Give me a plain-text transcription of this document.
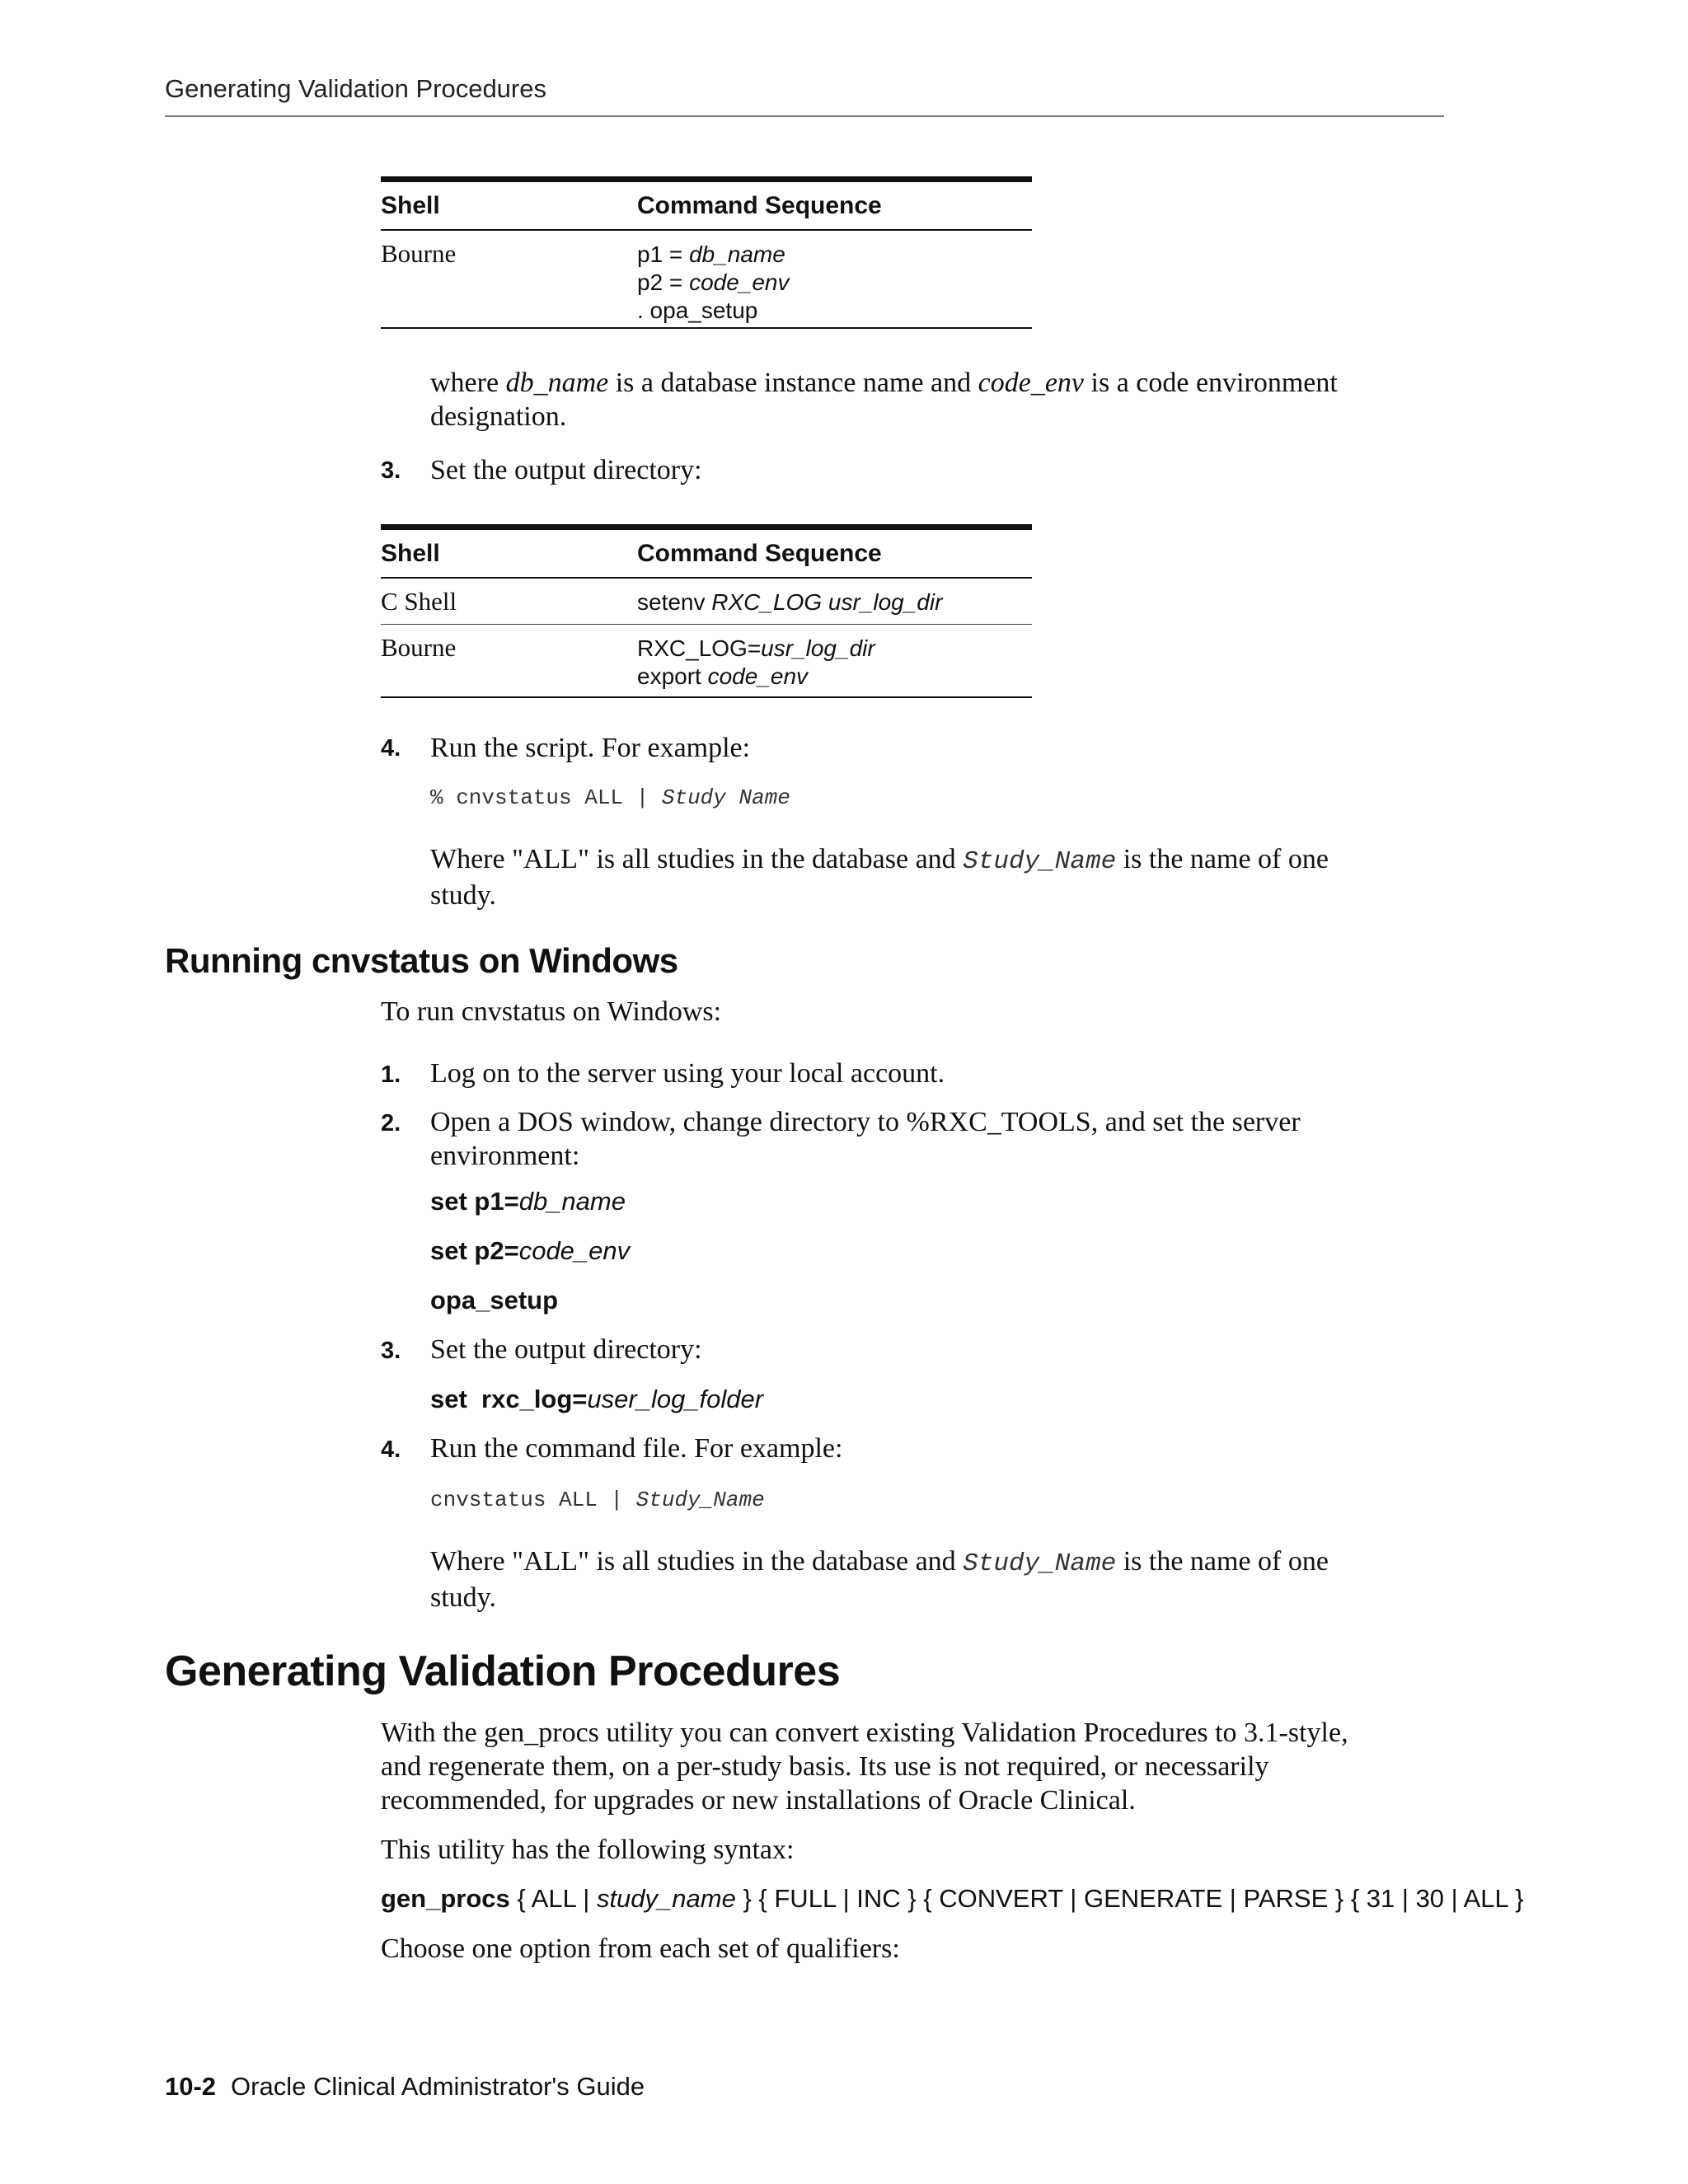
Generating Validation Procedures
Shell	Command Sequence
Bourne	p1 = db_name
p2 = code_env
. opa_setup
where db_name is a database instance name and code_env is a code environment
designation.
3. Set the output directory:
Shell	Command Sequence
C Shell	setenv RXC_LOG usr_log_dir
Bourne	RXC_LOG=usr_log_dir
export code_env
4. Run the script. For example:
% cnvstatus ALL | Study Name
Where "ALL" is all studies in the database and Study_Name is the name of one
study.
Running cnvstatus on Windows
To run cnvstatus on Windows:
1. Log on to the server using your local account.
2. Open a DOS window, change directory to %RXC_TOOLS, and set the server
environment:
set p1=db_name
set p2=code_env
opa_setup
3. Set the output directory:
set  rxc_log=user_log_folder
4. Run the command file. For example:
cnvstatus ALL | Study_Name
Where "ALL" is all studies in the database and Study_Name is the name of one
study.
Generating Validation Procedures
With the gen_procs utility you can convert existing Validation Procedures to 3.1-style,
and regenerate them, on a per-study basis. Its use is not required, or necessarily
recommended, for upgrades or new installations of Oracle Clinical.
This utility has the following syntax:
gen_procs { ALL | study_name } { FULL | INC } { CONVERT | GENERATE | PARSE } { 31 | 30 | ALL }
Choose one option from each set of qualifiers:
10-2 Oracle Clinical Administrator's Guide
